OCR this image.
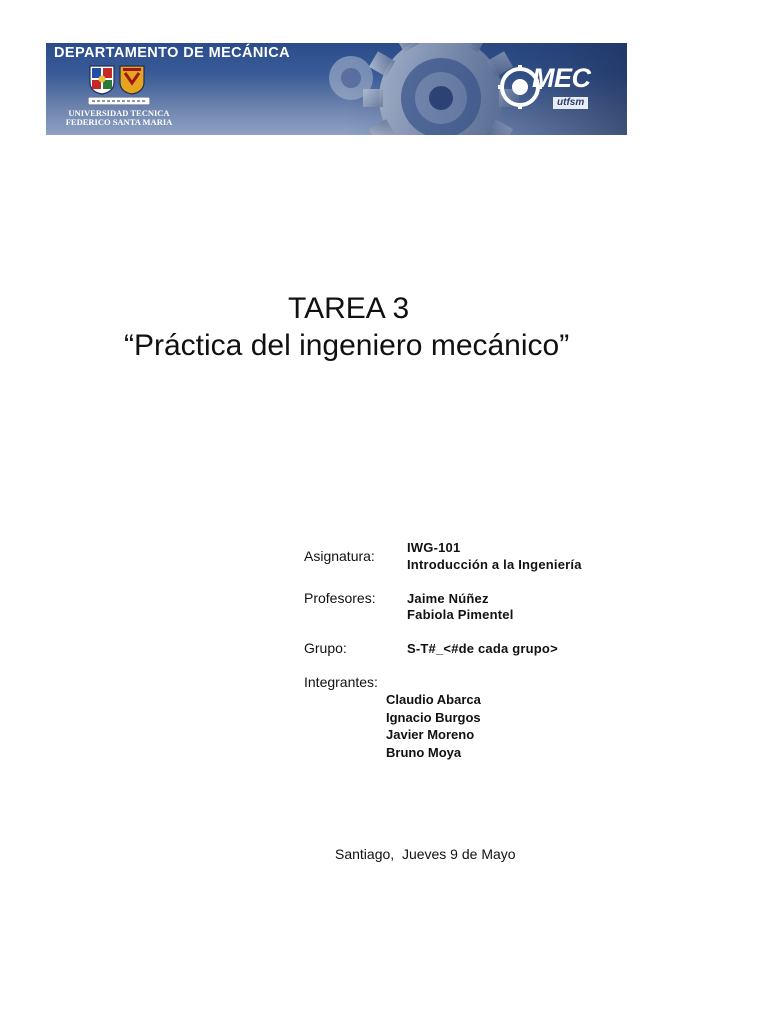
DEPARTAMENTO DE MECÁNICA
UNIVERSIDAD TECNICA
FEDERICO SANTA MARIA
MEC
utfsm
TAREA 3
“Práctica del ingeniero mecánico”
Asignatura:
IWG-101
Introducción a la Ingeniería
Profesores: Jaime Núñez
Fabiola Pimentel
Grupo:	S-T#_<#de cada grupo>
Integrantes:
Claudio Abarca
Ignacio Burgos
Javier Moreno
Bruno Moya
Santiago,  Jueves 9 de Mayo
